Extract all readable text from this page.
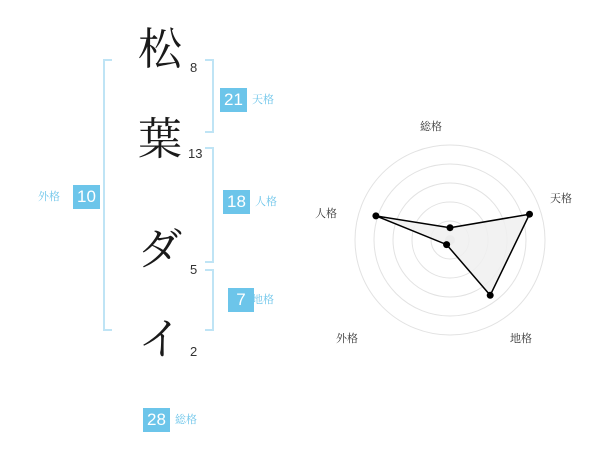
松 8
葉 13
ダ 5
イ 2
外格 10
21 天格
18 人格
7 地格
28 総格
総格
天格
地格
外格
人格
